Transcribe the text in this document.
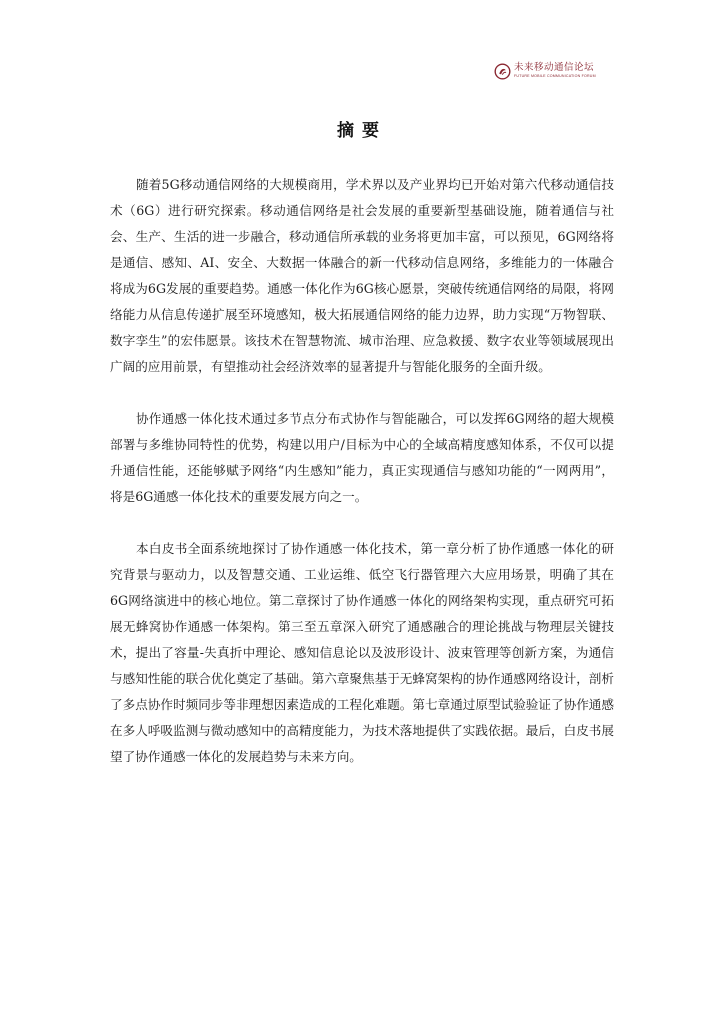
未来移动通信论坛
FUTURE MOBILE COMMUNICATION FORUM
摘要

随着5G移动通信网络的大规模商用，学术界以及产业界均已开始对第六代移动通信技术（6G）进行研究探索。移动通信网络是社会发展的重要新型基础设施，随着通信与社会、生产、生活的进一步融合，移动通信所承载的业务将更加丰富，可以预见，6G网络将是通信、感知、AI、安全、大数据一体融合的新一代移动信息网络，多维能力的一体融合将成为6G发展的重要趋势。通感一体化作为6G核心愿景，突破传统通信网络的局限，将网络能力从信息传递扩展至环境感知，极大拓展通信网络的能力边界，助力实现“万物智联、数字孪生”的宏伟愿景。该技术在智慧物流、城市治理、应急救援、数字农业等领域展现出广阔的应用前景，有望推动社会经济效率的显著提升与智能化服务的全面升级。

协作通感一体化技术通过多节点分布式协作与智能融合，可以发挥6G网络的超大规模部署与多维协同特性的优势，构建以用户/目标为中心的全域高精度感知体系，不仅可以提升通信性能，还能够赋予网络“内生感知”能力，真正实现通信与感知功能的“一网两用”，将是6G通感一体化技术的重要发展方向之一。

本白皮书全面系统地探讨了协作通感一体化技术，第一章分析了协作通感一体化的研究背景与驱动力，以及智慧交通、工业运维、低空飞行器管理六大应用场景，明确了其在6G网络演进中的核心地位。第二章探讨了协作通感一体化的网络架构实现，重点研究可拓展无蜂窝协作通感一体架构。第三至五章深入研究了通感融合的理论挑战与物理层关键技术，提出了容量-失真折中理论、感知信息论以及波形设计、波束管理等创新方案，为通信与感知性能的联合优化奠定了基础。第六章聚焦基于无蜂窝架构的协作通感网络设计，剖析了多点协作时频同步等非理想因素造成的工程化难题。第七章通过原型试验验证了协作通感在多人呼吸监测与微动感知中的高精度能力，为技术落地提供了实践依据。最后，白皮书展望了协作通感一体化的发展趋势与未来方向。
